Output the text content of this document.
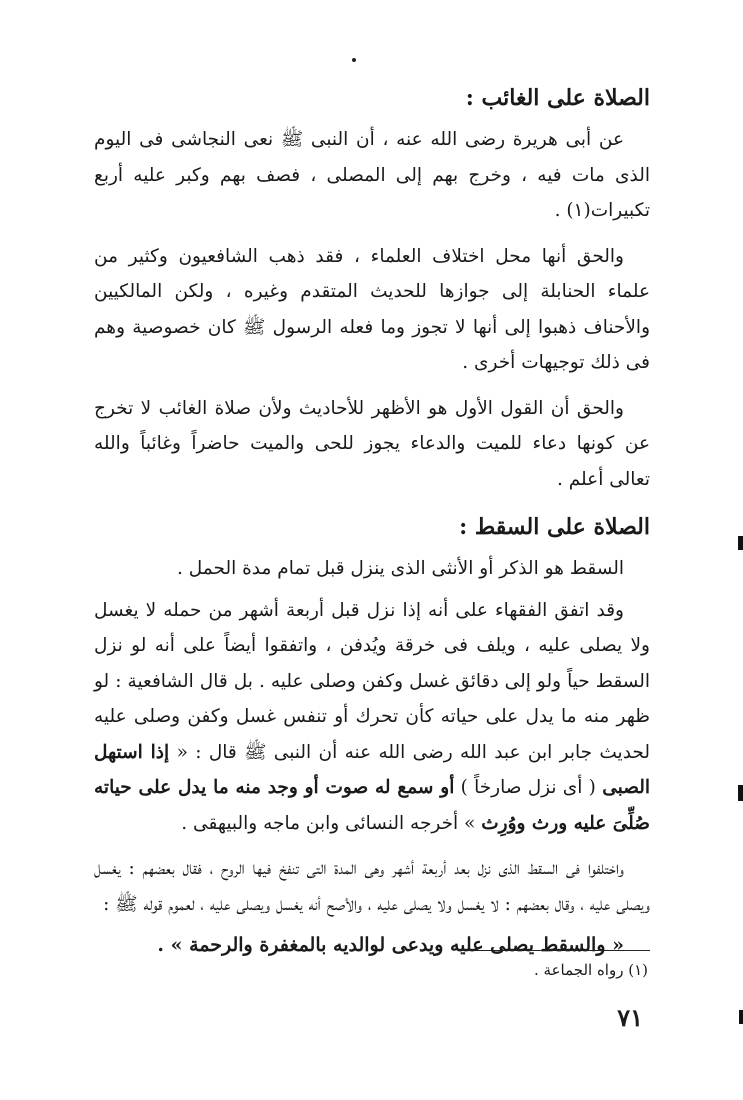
الصلاة على الغائب :

عن أبى هريرة رضى الله عنه ، أن النبى ﷺ نعى النجاشى فى اليوم الذى مات فيه ، وخرج بهم إلى المصلى ، فصف بهم وكبر عليه أربع تكبيرات(١) .

والحق أنها محل اختلاف العلماء ، فقد ذهب الشافعيون وكثير من علماء الحنابلة إلى جوازها للحديث المتقدم وغيره ، ولكن المالكيين والأحناف ذهبوا إلى أنها لا تجوز وما فعله الرسول ﷺ كان خصوصية وهم فى ذلك توجيهات أخرى .

والحق أن القول الأول هو الأظهر للأحاديث ولأن صلاة الغائب لا تخرج عن كونها دعاء للميت والدعاء يجوز للحى والميت حاضراً وغائباً والله تعالى أعلم .

الصلاة على السقط :

السقط هو الذكر أو الأنثى الذى ينزل قبل تمام مدة الحمل .

وقد اتفق الفقهاء على أنه إذا نزل قبل أربعة أشهر من حمله لا يغسل ولا يصلى عليه ، ويلف فى خرقة ويُدفن ، واتفقوا أيضاً على أنه لو نزل السقط حياً ولو إلى دقائق غسل وكفن وصلى عليه . بل قال الشافعية : لو ظهر منه ما يدل على حياته كأن تحرك أو تنفس غسل وكفن وصلى عليه لحديث جابر ابن عبد الله رضى الله عنه أن النبى ﷺ قال : « إذا استهل الصبى ( أى نزل صارخاً ) أو سمع له صوت أو وجد منه ما يدل على حياته صُلِّىَ عليه ورث ووُرِث » أخرجه النسائى وابن ماجه والبيهقى .

واختلفوا فى السقط الذى نزل بعد أربعة أشهر وهى المدة التى تنفخ فيها الروح ، فقال بعضهم : يغسل ويصلى عليه ، وقال بعضهم : لا يغسل ولا يصلى عليه ، والأصح أنه يغسل ويصلى عليه ، لعموم قوله ﷺ :

« والسقط يصلى عليه ويدعى لوالديه بالمغفرة والرحمة » .

(١) رواه الجماعة .
٧١
